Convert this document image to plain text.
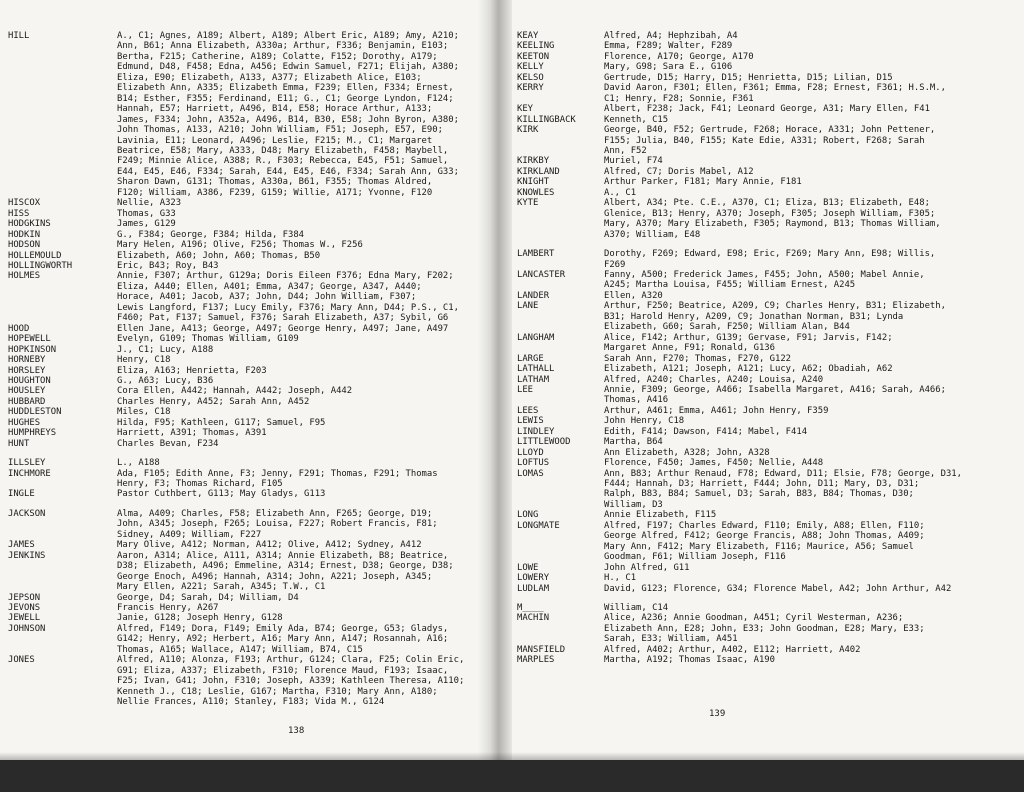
HILL	A., C1; Agnes, A189; Albert, A189; Albert Eric, A189; Amy, A210;
Ann, B61; Anna Elizabeth, A330a; Arthur, F336; Benjamin, E103;
Bertha, F215; Catherine, A189; Colatte, F152; Dorothy, A179;
Edmund, D48, F458; Edna, A456; Edwin Samuel, F271; Elijah, A380;
Eliza, E90; Elizabeth, A133, A377; Elizabeth Alice, E103;
Elizabeth Ann, A335; Elizabeth Emma, F239; Ellen, F334; Ernest,
B14; Esther, F355; Ferdinand, E11; G., C1; George Lyndon, F124;
Hannah, E57; Harriett, A496, B14, E58; Horace Arthur, A133;
James, F334; John, A352a, A496, B14, B30, E58; John Byron, A380;
John Thomas, A133, A210; John William, F51; Joseph, E57, E90;
Lavinia, E11; Leonard, A496; Leslie, F215; M., C1; Margaret
Beatrice, E58; Mary, A333, D48; Mary Elizabeth, F458; Maybell,
F249; Minnie Alice, A388; R., F303; Rebecca, E45, F51; Samuel,
E44, E45, E46, F334; Sarah, E44, E45, E46, F334; Sarah Ann, G33;
Sharon Dawn, G131; Thomas, A330a, B61, F355; Thomas Aldred,
F120; William, A386, F239, G159; Willie, A171; Yvonne, F120
HISCOX	Nellie, A323
HISS	Thomas, G33
HODGKINS	James, G129
HODKIN	G., F384; George, F384; Hilda, F384
HODSON	Mary Helen, A196; Olive, F256; Thomas W., F256
HOLLEMOULD	Elizabeth, A60; John, A60; Thomas, B50
HOLLINGWORTH	Eric, B43; Roy, B43
HOLMES	Annie, F307; Arthur, G129a; Doris Eileen F376; Edna Mary, F202;
Eliza, A440; Ellen, A401; Emma, A347; George, A347, A440;
Horace, A401; Jacob, A37; John, D44; John William, F307;
Lewis Langford, F137; Lucy Emily, F376; Mary Ann, D44; P.S., C1,
F460; Pat, F137; Samuel, F376; Sarah Elizabeth, A37; Sybil, G6
HOOD	Ellen Jane, A413; George, A497; George Henry, A497; Jane, A497
HOPEWELL	Evelyn, G109; Thomas William, G109
HOPKINSON	J., C1; Lucy, A188
HORNEBY	Henry, C18
HORSLEY	Eliza, A163; Henrietta, F203
HOUGHTON	G., A63; Lucy, B36
HOUSLEY	Cora Ellen, A442; Hannah, A442; Joseph, A442
HUBBARD	Charles Henry, A452; Sarah Ann, A452
HUDDLESTON	Miles, C18
HUGHES	Hilda, F95; Kathleen, G117; Samuel, F95
HUMPHREYS	Harriett, A391; Thomas, A391
HUNT	Charles Bevan, F234
ILLSLEY	L., A188
INCHMORE	Ada, F105; Edith Anne, F3; Jenny, F291; Thomas, F291; Thomas
Henry, F3; Thomas Richard, F105
INGLE	Pastor Cuthbert, G113; May Gladys, G113
JACKSON	Alma, A409; Charles, F58; Elizabeth Ann, F265; George, D19;
John, A345; Joseph, F265; Louisa, F227; Robert Francis, F81;
Sidney, A409; William, F227
JAMES	Mary Olive, A412; Norman, A412; Olive, A412; Sydney, A412
JENKINS	Aaron, A314; Alice, A111, A314; Annie Elizabeth, B8; Beatrice,
D38; Elizabeth, A496; Emmeline, A314; Ernest, D38; George, D38;
George Enoch, A496; Hannah, A314; John, A221; Joseph, A345;
Mary Ellen, A221; Sarah, A345; T.W., C1
JEPSON	George, D4; Sarah, D4; William, D4
JEVONS	Francis Henry, A267
JEWELL	Janie, G128; Joseph Henry, G128
JOHNSON	Alfred, F149; Dora, F149; Emily Ada, B74; George, G53; Gladys,
G142; Henry, A92; Herbert, A16; Mary Ann, A147; Rosannah, A16;
Thomas, A165; Wallace, A147; William, B74, C15
JONES	Alfred, A110; Alonza, F193; Arthur, G124; Clara, F25; Colin Eric,
G91; Eliza, A337; Elizabeth, F310; Florence Maud, F193; Isaac,
F25; Ivan, G41; John, F310; Joseph, A339; Kathleen Theresa, A110;
Kenneth J., C18; Leslie, G167; Martha, F310; Mary Ann, A180;
Nellie Frances, A110; Stanley, F183; Vida M., G124
KEAY	Alfred, A4; Hephzibah, A4
KEELING	Emma, F289; Walter, F289
KEETON	Florence, A170; George, A170
KELLY	Mary, G98; Sara E., G106
KELSO	Gertrude, D15; Harry, D15; Henrietta, D15; Lilian, D15
KERRY	David Aaron, F301; Ellen, F361; Emma, F28; Ernest, F361; H.S.M.,
C1; Henry, F28; Sonnie, F361
KEY	Albert, F238; Jack, F41; Leonard George, A31; Mary Ellen, F41
KILLINGBACK	Kenneth, C15
KIRK	George, B40, F52; Gertrude, F268; Horace, A331; John Pettener,
F155; Julia, B40, F155; Kate Edie, A331; Robert, F268; Sarah
Ann, F52
KIRKBY	Muriel, F74
KIRKLAND	Alfred, C7; Doris Mabel, A12
KNIGHT	Arthur Parker, F181; Mary Annie, F181
KNOWLES	A., C1
KYTE	Albert, A34; Pte. C.E., A370, C1; Eliza, B13; Elizabeth, E48;
Glenice, B13; Henry, A370; Joseph, F305; Joseph William, F305;
Mary, A370; Mary Elizabeth, F305; Raymond, B13; Thomas William,
A370; William, E48
LAMBERT	Dorothy, F269; Edward, E98; Eric, F269; Mary Ann, E98; Willis,
F269
LANCASTER	Fanny, A500; Frederick James, F455; John, A500; Mabel Annie,
A245; Martha Louisa, F455; William Ernest, A245
LANDER	Ellen, A320
LANE	Arthur, F250; Beatrice, A209, C9; Charles Henry, B31; Elizabeth,
B31; Harold Henry, A209, C9; Jonathan Norman, B31; Lynda
Elizabeth, G60; Sarah, F250; William Alan, B44
LANGHAM	Alice, F142; Arthur, G139; Gervase, F91; Jarvis, F142;
Margaret Anne, F91; Ronald, G136
LARGE	Sarah Ann, F270; Thomas, F270, G122
LATHALL	Elizabeth, A121; Joseph, A121; Lucy, A62; Obadiah, A62
LATHAM	Alfred, A240; Charles, A240; Louisa, A240
LEE	Annie, F309; George, A466; Isabella Margaret, A416; Sarah, A466;
Thomas, A416
LEES	Arthur, A461; Emma, A461; John Henry, F359
LEWIS	John Henry, C18
LINDLEY	Edith, F414; Dawson, F414; Mabel, F414
LITTLEWOOD	Martha, B64
LLOYD	Ann Elizabeth, A328; John, A328
LOFTUS	Florence, F450; James, F450; Nellie, A448
LOMAS	Ann, B83; Arthur Renaud, F78; Edward, D11; Elsie, F78; George, D31,
F444; Hannah, D3; Harriett, F444; John, D11; Mary, D3, D31;
Ralph, B83, B84; Samuel, D3; Sarah, B83, B84; Thomas, D30;
William, D3
LONG	Annie Elizabeth, F115
LONGMATE	Alfred, F197; Charles Edward, F110; Emily, A88; Ellen, F110;
George Alfred, F412; George Francis, A88; John Thomas, A409;
Mary Ann, F412; Mary Elizabeth, F116; Maurice, A56; Samuel
Goodman, F61; William Joseph, F116
LOWE	John Alfred, G11
LOWERY	H., C1
LUDLAM	David, G123; Florence, G34; Florence Mabel, A42; John Arthur, A42
M____	William, C14
MACHIN	Alice, A236; Annie Goodman, A451; Cyril Westerman, A236;
Elizabeth Ann, E28; John, E33; John Goodman, E28; Mary, E33;
Sarah, E33; William, A451
MANSFIELD	Alfred, A402; Arthur, A402, E112; Harriett, A402
MARPLES	Martha, A192; Thomas Isaac, A190
138
139
